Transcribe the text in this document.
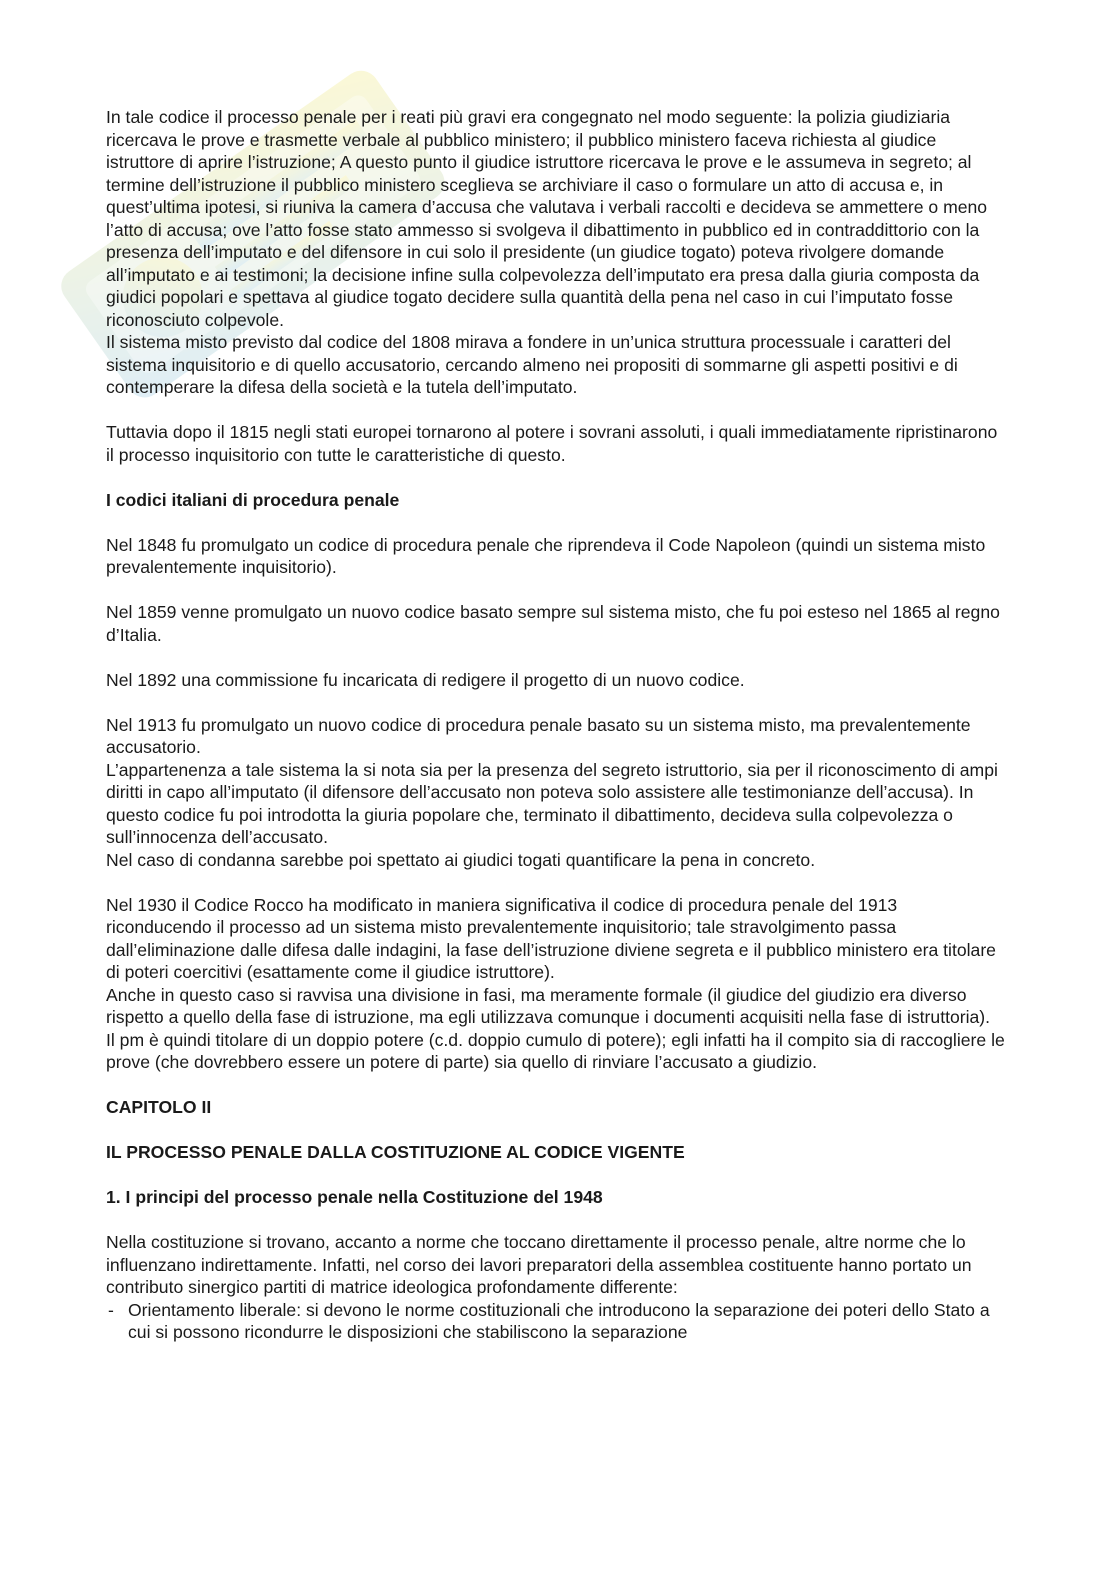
In tale codice il processo penale per i reati più gravi era congegnato nel modo seguente: la polizia giudiziaria ricercava le prove e trasmette verbale al pubblico ministero; il pubblico ministero faceva richiesta al giudice istruttore di aprire l’istruzione; A questo punto il giudice istruttore ricercava le prove e le assumeva in segreto; al termine dell’istruzione il pubblico ministero sceglieva se archiviare il caso o formulare un atto di accusa e, in quest’ultima ipotesi, si riuniva la camera d’accusa che valutava i verbali raccolti e decideva se ammettere o meno l’atto di accusa; ove l’atto fosse stato ammesso si svolgeva il dibattimento in pubblico ed in contraddittorio con la presenza dell’imputato e del difensore in cui solo il presidente (un giudice togato) poteva rivolgere domande all’imputato e ai testimoni; la decisione infine sulla colpevolezza dell’imputato era presa dalla giuria composta da giudici popolari e spettava al giudice togato decidere sulla quantità della pena nel caso in cui l’imputato fosse riconosciuto colpevole.

Il sistema misto previsto dal codice del 1808 mirava a fondere in un’unica struttura processuale i caratteri del sistema inquisitorio e di quello accusatorio, cercando almeno nei propositi di sommarne gli aspetti positivi e di contemperare la difesa della società e la tutela dell’imputato.

Tuttavia dopo il 1815 negli stati europei tornarono al potere i sovrani assoluti, i quali immediatamente ripristinarono il processo inquisitorio con tutte le caratteristiche di questo.

I codici italiani di procedura penale

Nel 1848 fu promulgato un codice di procedura penale che riprendeva il Code Napoleon (quindi un sistema misto prevalentemente inquisitorio).

Nel 1859 venne promulgato un nuovo codice basato sempre sul sistema misto, che fu poi esteso nel 1865 al regno d’Italia.

Nel 1892 una commissione fu incaricata di redigere il progetto di un nuovo codice.

Nel 1913 fu promulgato un nuovo codice di procedura penale basato su un sistema misto, ma prevalentemente accusatorio.

L’appartenenza a tale sistema la si nota sia per la presenza del segreto istruttorio, sia per il riconoscimento di ampi diritti in capo all’imputato (il difensore dell’accusato non poteva solo assistere alle testimonianze dell’accusa). In questo codice fu poi introdotta la giuria popolare che, terminato il dibattimento, decideva sulla colpevolezza o sull’innocenza dell’accusato.

Nel caso di condanna sarebbe poi spettato ai giudici togati quantificare la pena in concreto.

Nel 1930 il Codice Rocco ha modificato in maniera significativa il codice di procedura penale del 1913 riconducendo il processo ad un sistema misto prevalentemente inquisitorio; tale stravolgimento passa dall’eliminazione dalle difesa dalle indagini, la fase dell’istruzione diviene segreta e il pubblico ministero era titolare di poteri coercitivi (esattamente come il giudice istruttore).

Anche in questo caso si ravvisa una divisione in fasi, ma meramente formale (il giudice del giudizio era diverso rispetto a quello della fase di istruzione, ma egli utilizzava comunque i documenti acquisiti nella fase di istruttoria).

Il pm è quindi titolare di un doppio potere (c.d. doppio cumulo di potere); egli infatti ha il compito sia di raccogliere le prove (che dovrebbero essere un potere di parte) sia quello di rinviare l’accusato a giudizio.

CAPITOLO II

IL PROCESSO PENALE DALLA COSTITUZIONE AL CODICE VIGENTE

1. I principi del processo penale nella Costituzione del 1948

Nella costituzione si trovano, accanto a norme che toccano direttamente il processo penale, altre norme che lo influenzano indirettamente. Infatti, nel corso dei lavori preparatori della assemblea costituente hanno portato un contributo sinergico partiti di matrice ideologica profondamente differente:

- Orientamento liberale: si devono le norme costituzionali che introducono la separazione dei poteri dello Stato a cui si possono ricondurre le disposizioni che stabiliscono la separazione
